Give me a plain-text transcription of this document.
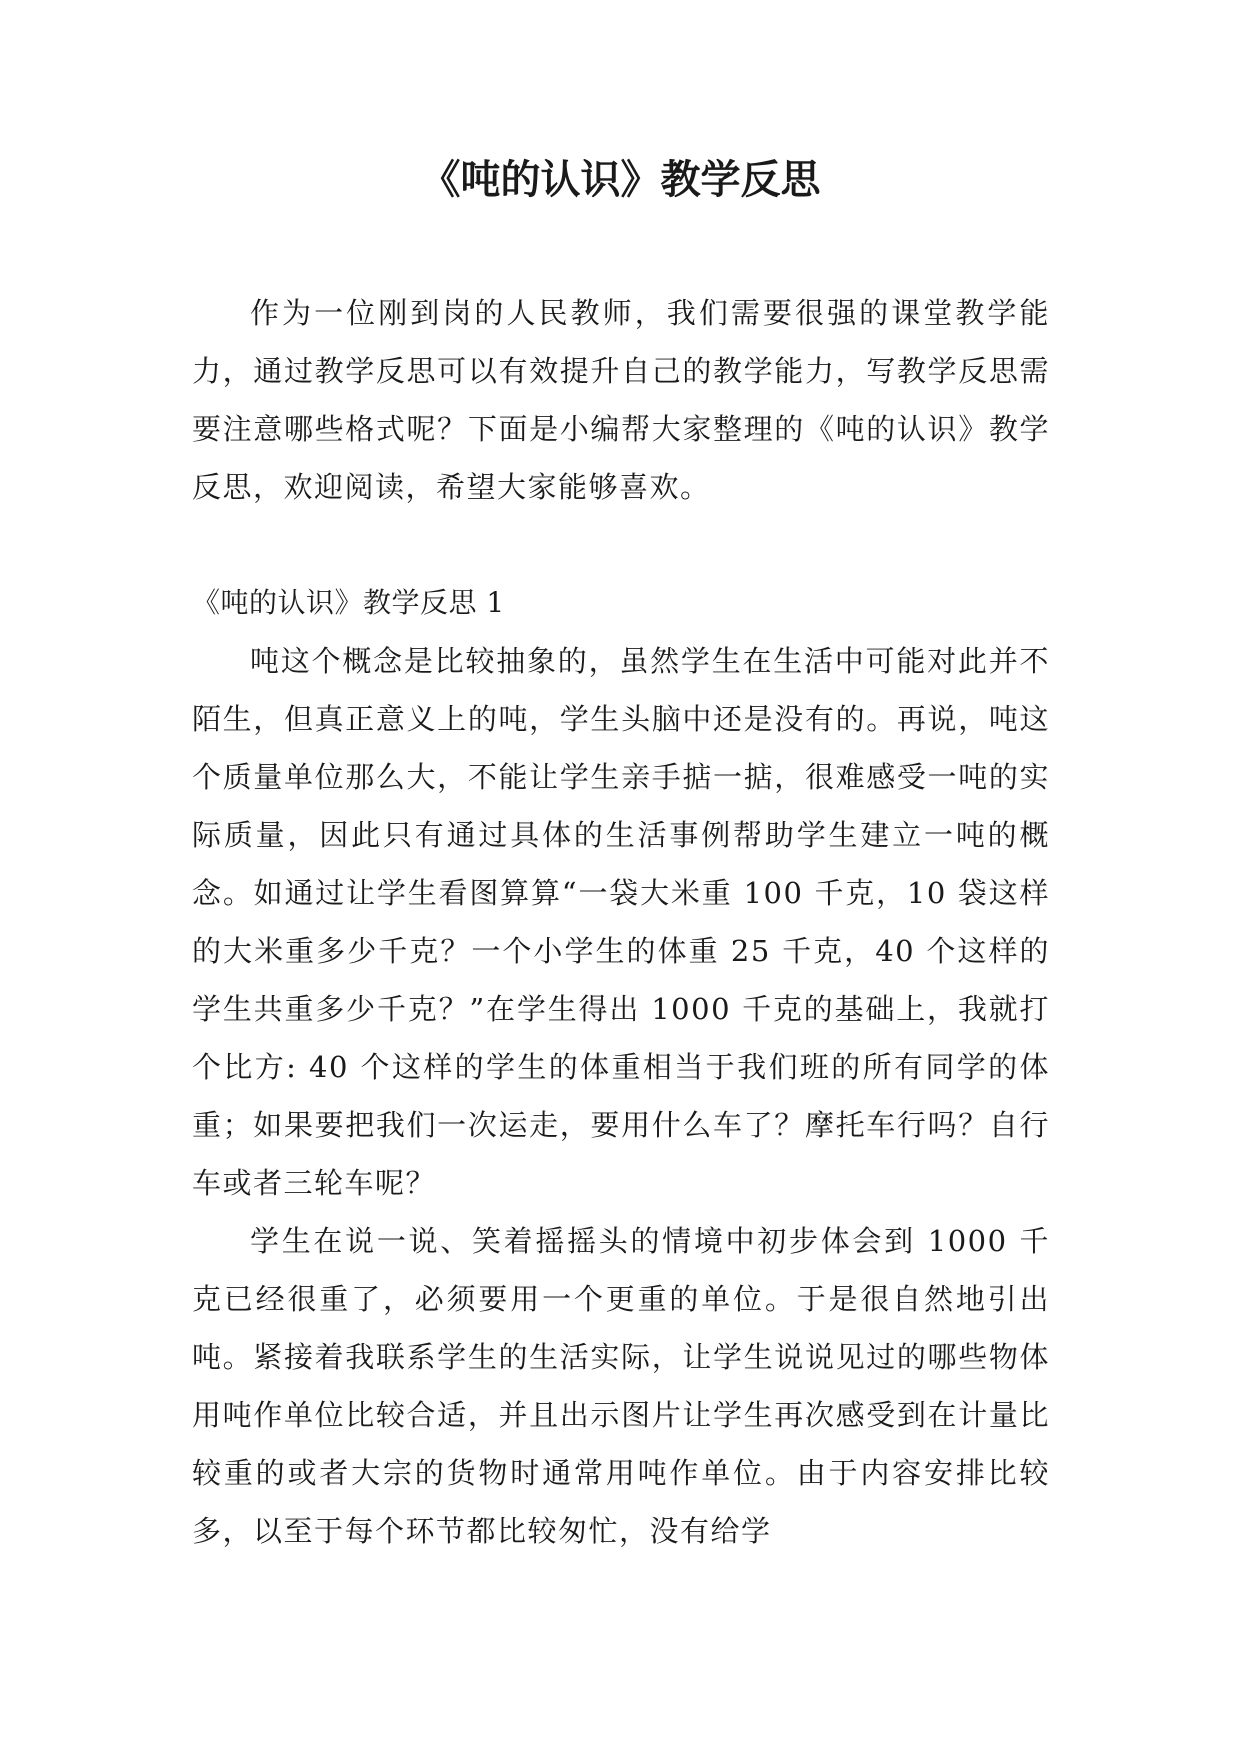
《吨的认识》教学反思

作为一位刚到岗的人民教师，我们需要很强的课堂教学能力，通过教学反思可以有效提升自己的教学能力，写教学反思需要注意哪些格式呢？下面是小编帮大家整理的《吨的认识》教学反思，欢迎阅读，希望大家能够喜欢。

《吨的认识》教学反思 1

吨这个概念是比较抽象的，虽然学生在生活中可能对此并不陌生，但真正意义上的吨，学生头脑中还是没有的。再说，吨这个质量单位那么大，不能让学生亲手掂一掂，很难感受一吨的实际质量，因此只有通过具体的生活事例帮助学生建立一吨的概念。如通过让学生看图算算“一袋大米重 100 千克，10 袋这样的大米重多少千克？一个小学生的体重 25 千克，40 个这样的学生共重多少千克？”在学生得出 1000 千克的基础上，我就打个比方: 40 个这样的学生的体重相当于我们班的所有同学的体重；如果要把我们一次运走，要用什么车了？摩托车行吗？自行车或者三轮车呢？

学生在说一说、笑着摇摇头的情境中初步体会到 1000 千克已经很重了，必须要用一个更重的单位。于是很自然地引出吨。紧接着我联系学生的生活实际，让学生说说见过的哪些物体用吨作单位比较合适，并且出示图片让学生再次感受到在计量比较重的或者大宗的货物时通常用吨作单位。由于内容安排比较多，以至于每个环节都比较匆忙，没有给学
